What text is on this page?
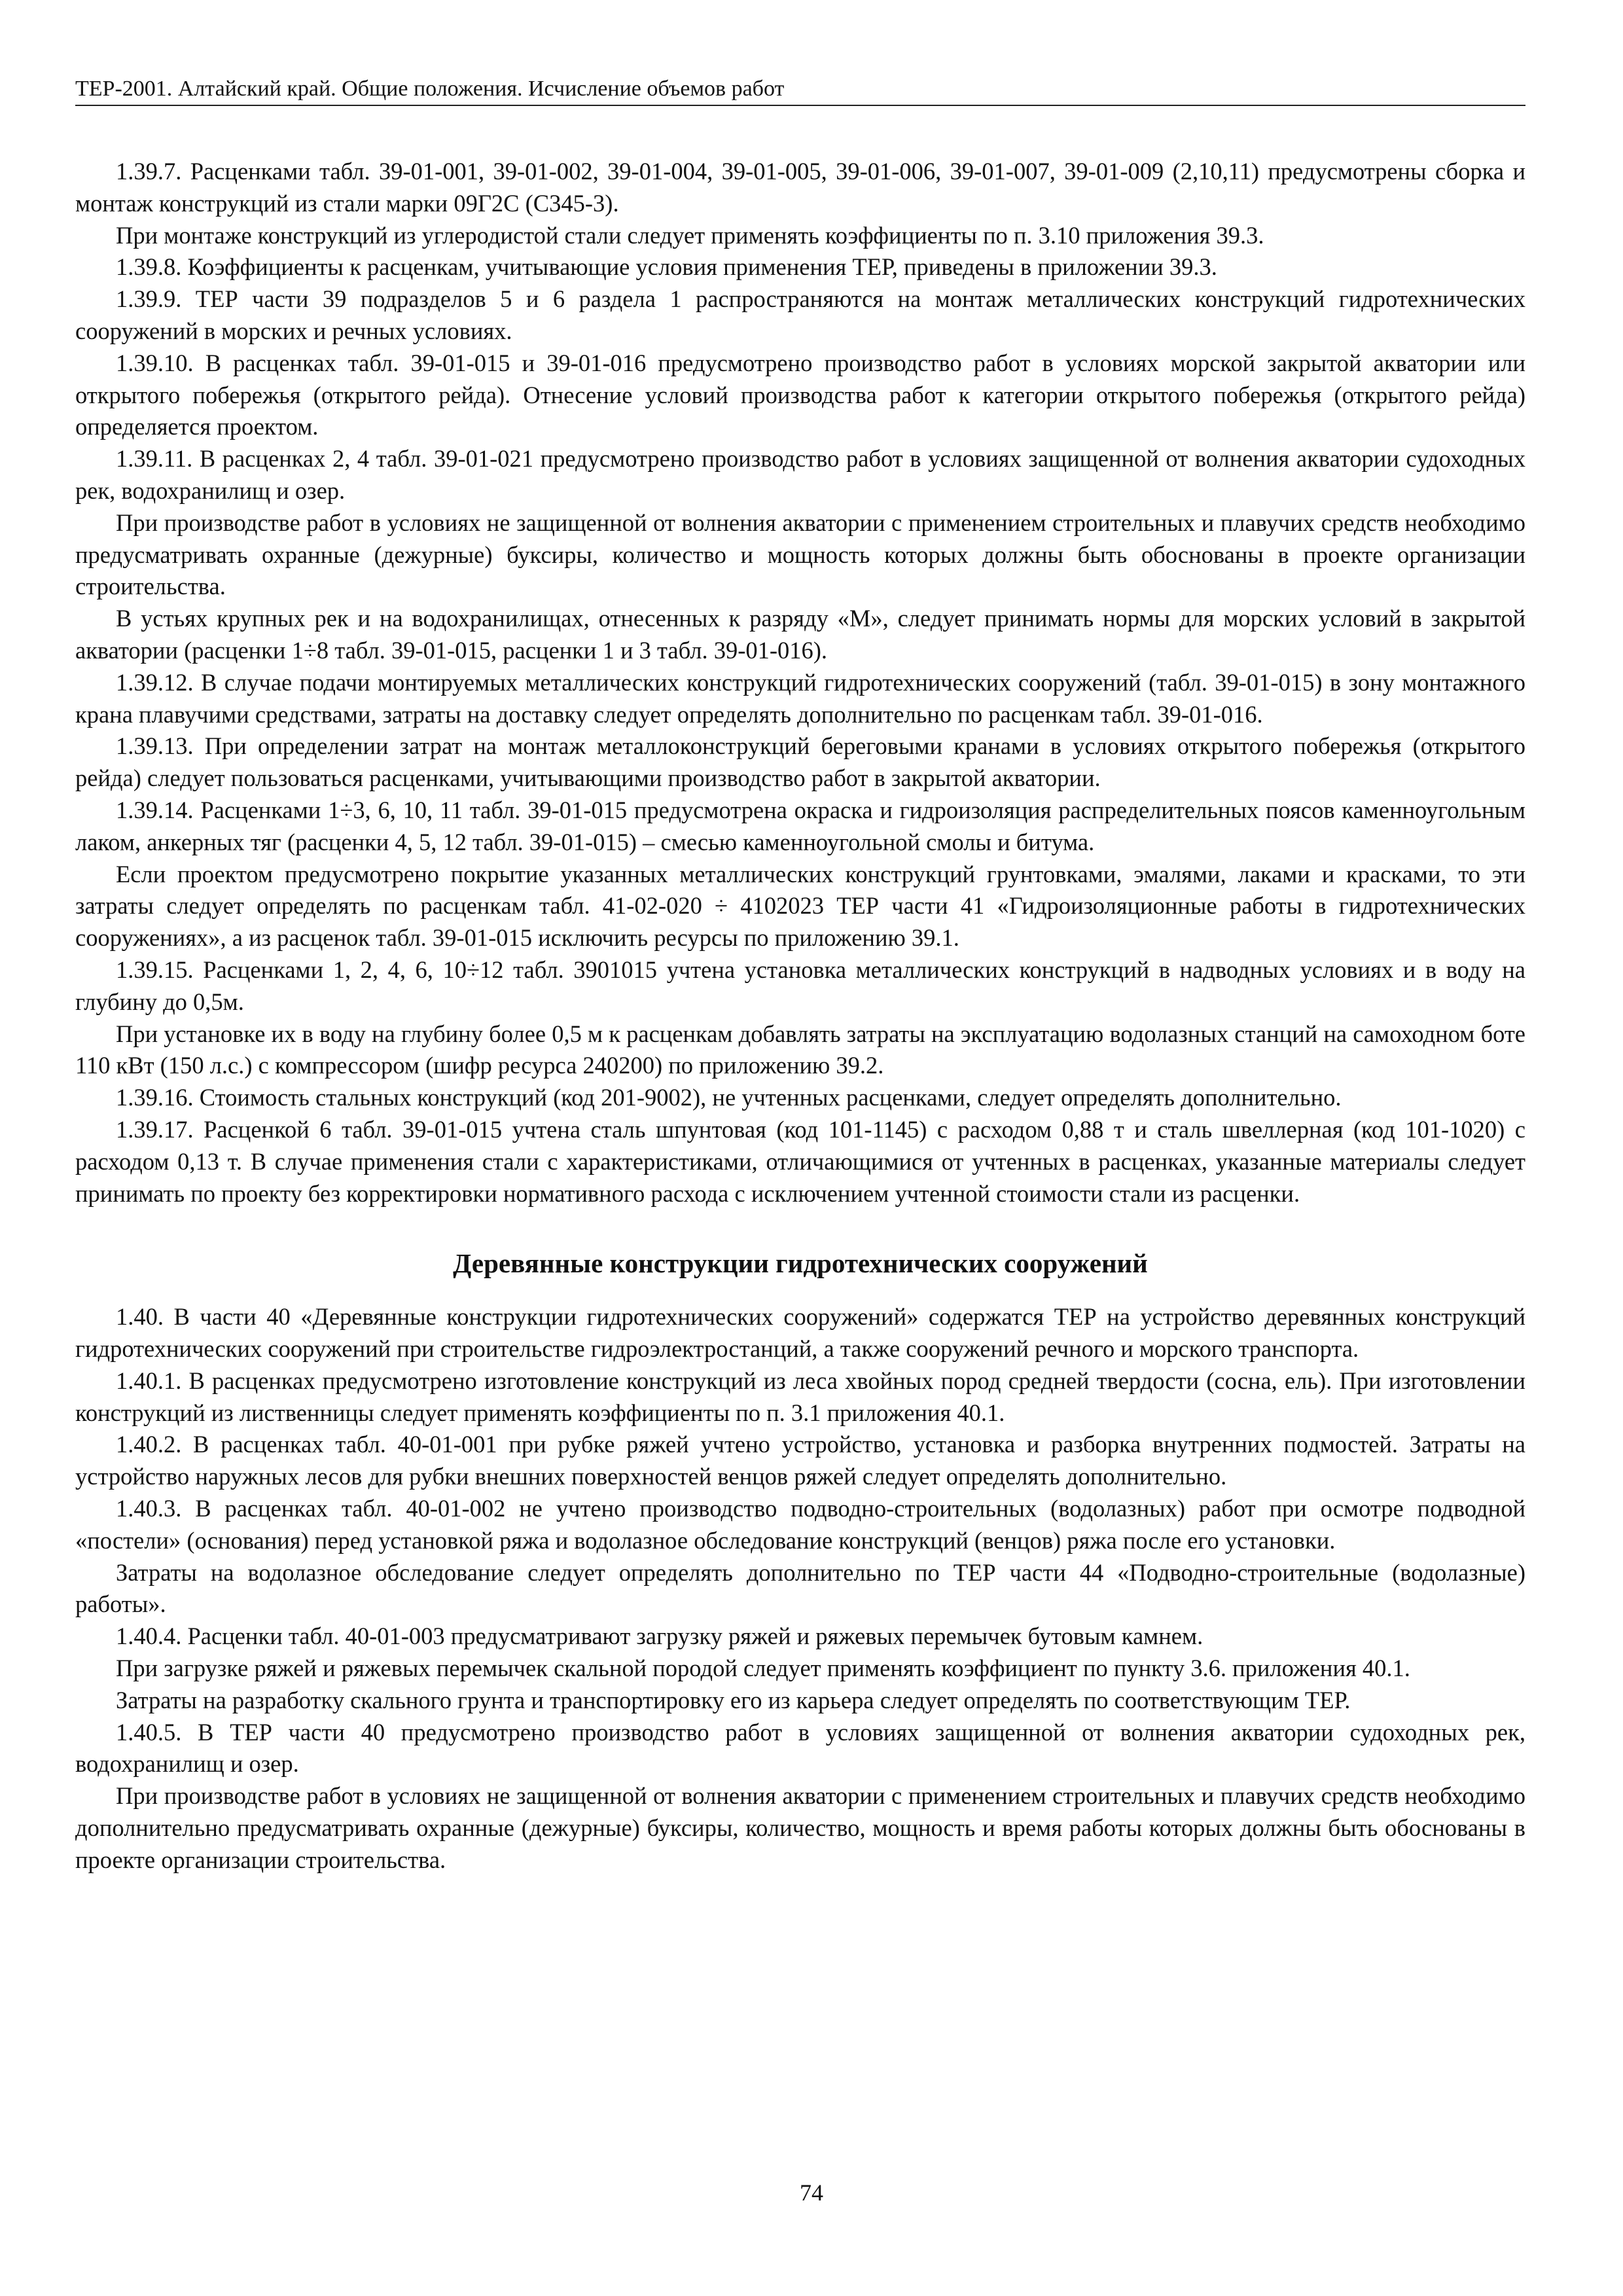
ТЕР-2001. Алтайский край. Общие положения. Исчисление объемов работ

1.39.7. Расценками табл. 39-01-001, 39-01-002, 39-01-004, 39-01-005, 39-01-006, 39-01-007, 39-01-009 (2,10,11) предусмотрены сборка и монтаж конструкций из стали марки 09Г2С (С345-3).

При монтаже конструкций из углеродистой стали следует применять коэффициенты по п. 3.10 приложения 39.3.

1.39.8. Коэффициенты к расценкам, учитывающие условия применения ТЕР, приведены в приложении 39.3.

1.39.9. ТЕР части 39 подразделов 5 и 6 раздела 1 распространяются на монтаж металлических конструкций гидротехнических сооружений в морских и речных условиях.

1.39.10. В расценках табл. 39-01-015 и 39-01-016 предусмотрено производство работ в условиях морской закрытой акватории или открытого побережья (открытого рейда). Отнесение условий производства работ к категории открытого побережья (открытого рейда) определяется проектом.

1.39.11. В расценках 2, 4 табл. 39-01-021 предусмотрено производство работ в условиях защищенной от волнения акватории судоходных рек, водохранилищ и озер.

При производстве работ в условиях не защищенной от волнения акватории с применением строительных и плавучих средств необходимо предусматривать охранные (дежурные) буксиры, количество и мощность которых должны быть обоснованы в проекте организации строительства.

В устьях крупных рек и на водохранилищах, отнесенных к разряду «М», следует принимать нормы для морских условий в закрытой акватории (расценки 1÷8 табл. 39-01-015, расценки 1 и 3 табл. 39-01-016).

1.39.12. В случае подачи монтируемых металлических конструкций гидротехнических сооружений (табл. 39-01-015) в зону монтажного крана плавучими средствами, затраты на доставку следует определять дополнительно по расценкам табл. 39-01-016.

1.39.13. При определении затрат на монтаж металлоконструкций береговыми кранами в условиях открытого побережья (открытого рейда) следует пользоваться расценками, учитывающими производство работ в закрытой акватории.

1.39.14. Расценками 1÷3, 6, 10, 11 табл. 39-01-015 предусмотрена окраска и гидроизоляция распределительных поясов каменноугольным лаком, анкерных тяг (расценки 4, 5, 12 табл. 39-01-015) – смесью каменноугольной смолы и битума.

Если проектом предусмотрено покрытие указанных металлических конструкций грунтовками, эмалями, лаками и красками, то эти затраты следует определять по расценкам табл. 41-02-020 ÷ 4102023 ТЕР части 41 «Гидроизоляционные работы в гидротехнических сооружениях», а из расценок табл. 39-01-015 исключить ресурсы по приложению 39.1.

1.39.15. Расценками 1, 2, 4, 6, 10÷12 табл. 3901015 учтена установка металлических конструкций в надводных условиях и в воду на глубину до 0,5м.

При установке их в воду на глубину более 0,5 м к расценкам добавлять затраты на эксплуатацию водолазных станций на самоходном боте 110 кВт (150 л.с.) с компрессором (шифр ресурса 240200) по приложению 39.2.

1.39.16. Стоимость стальных конструкций (код 201-9002), не учтенных расценками, следует определять дополнительно.

1.39.17. Расценкой 6 табл. 39-01-015 учтена сталь шпунтовая (код 101-1145) с расходом 0,88 т и сталь швеллерная (код 101-1020) с расходом 0,13 т. В случае применения стали с характеристиками, отличающимися от учтенных в расценках, указанные материалы следует принимать по проекту без корректировки нормативного расхода с исключением учтенной стоимости стали из расценки.

Деревянные конструкции гидротехнических сооружений

1.40. В части 40 «Деревянные конструкции гидротехнических сооружений» содержатся ТЕР на устройство деревянных конструкций гидротехнических сооружений при строительстве гидроэлектростанций, а также сооружений речного и морского транспорта.

1.40.1. В расценках предусмотрено изготовление конструкций из леса хвойных пород средней твердости (сосна, ель). При изготовлении конструкций из лиственницы следует применять коэффициенты по п. 3.1 приложения 40.1.

1.40.2. В расценках табл. 40-01-001 при рубке ряжей учтено устройство, установка и разборка внутренних подмостей. Затраты на устройство наружных лесов для рубки внешних поверхностей венцов ряжей следует определять дополнительно.

1.40.3. В расценках табл. 40-01-002 не учтено производство подводно-строительных (водолазных) работ при осмотре подводной «постели» (основания) перед установкой ряжа и водолазное обследование конструкций (венцов) ряжа после его установки.

Затраты на водолазное обследование следует определять дополнительно по ТЕР части 44 «Подводно-строительные (водолазные) работы».

1.40.4. Расценки табл. 40-01-003 предусматривают загрузку ряжей и ряжевых перемычек бутовым камнем.

При загрузке ряжей и ряжевых перемычек скальной породой следует применять коэффициент по пункту 3.6. приложения 40.1.

Затраты на разработку скального грунта и транспортировку его из карьера следует определять по соответствующим ТЕР.

1.40.5. В ТЕР части 40 предусмотрено производство работ в условиях защищенной от волнения акватории судоходных рек, водохранилищ и озер.

При производстве работ в условиях не защищенной от волнения акватории с применением строительных и плавучих средств необходимо дополнительно предусматривать охранные (дежурные) буксиры, количество, мощность и время работы которых должны быть обоснованы в проекте организации строительства.

74
